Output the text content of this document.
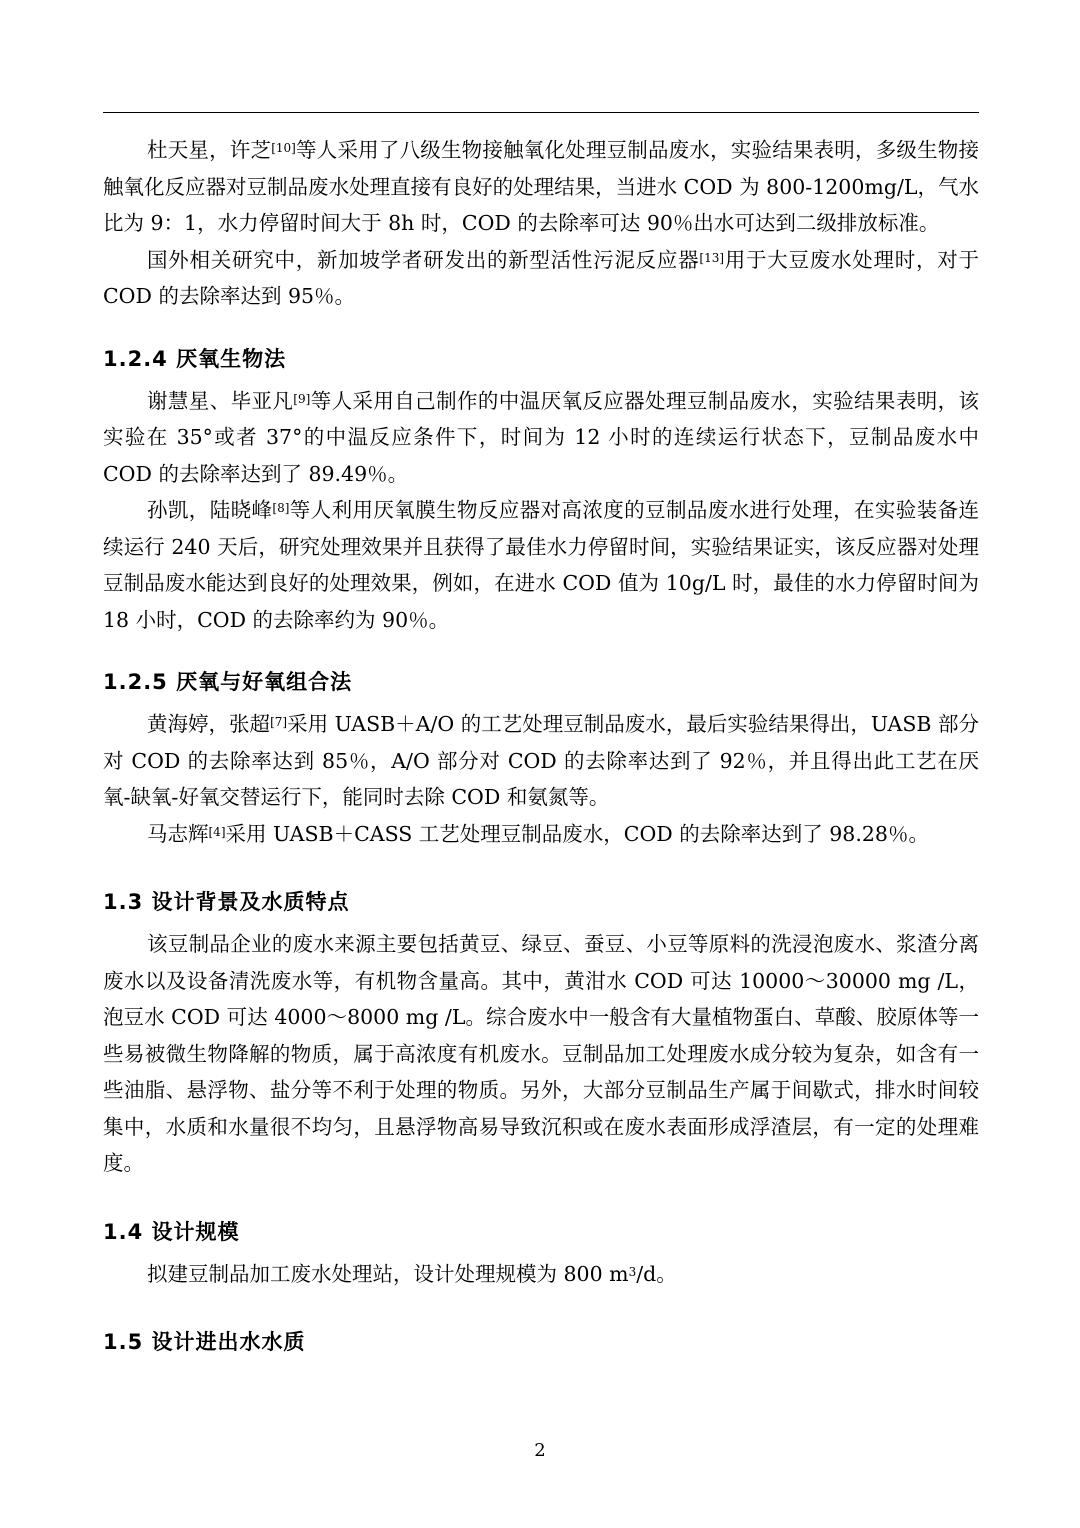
杜天星，许芝[10]等人采用了八级生物接触氧化处理豆制品废水，实验结果表明，多级生物接触氧化反应器对豆制品废水处理直接有良好的处理结果，当进水 COD 为 800-1200mg/L，气水比为 9：1，水力停留时间大于 8h 时，COD 的去除率可达 90％出水可达到二级排放标准。

国外相关研究中，新加坡学者研发出的新型活性污泥反应器[13]用于大豆废水处理时，对于 COD 的去除率达到 95％。

1.2.4 厌氧生物法

谢慧星、毕亚凡[9]等人采用自己制作的中温厌氧反应器处理豆制品废水，实验结果表明，该实验在 35°或者 37°的中温反应条件下，时间为 12 小时的连续运行状态下，豆制品废水中 COD 的去除率达到了 89.49％。

孙凯，陆晓峰[8]等人利用厌氧膜生物反应器对高浓度的豆制品废水进行处理，在实验装备连续运行 240 天后，研究处理效果并且获得了最佳水力停留时间，实验结果证实，该反应器对处理豆制品废水能达到良好的处理效果，例如，在进水 COD 值为 10g/L 时，最佳的水力停留时间为 18 小时，COD 的去除率约为 90％。

1.2.5 厌氧与好氧组合法

黄海婷，张超[7]采用 UASB＋A/O 的工艺处理豆制品废水，最后实验结果得出，UASB 部分对 COD 的去除率达到 85％，A/O 部分对 COD 的去除率达到了 92％，并且得出此工艺在厌氧-缺氧-好氧交替运行下，能同时去除 COD 和氨氮等。

马志辉[4]采用 UASB＋CASS 工艺处理豆制品废水，COD 的去除率达到了 98.28％。

1.3 设计背景及水质特点

该豆制品企业的废水来源主要包括黄豆、绿豆、蚕豆、小豆等原料的洗浸泡废水、浆渣分离废水以及设备清洗废水等，有机物含量高。其中，黄泔水 COD 可达 10000～30000 mg /L，泡豆水 COD 可达 4000～8000 mg /L。综合废水中一般含有大量植物蛋白、草酸、胶原体等一些易被微生物降解的物质，属于高浓度有机废水。豆制品加工处理废水成分较为复杂，如含有一些油脂、悬浮物、盐分等不利于处理的物质。另外，大部分豆制品生产属于间歇式，排水时间较集中，水质和水量很不均匀，且悬浮物高易导致沉积或在废水表面形成浮渣层，有一定的处理难度。

1.4 设计规模

拟建豆制品加工废水处理站，设计处理规模为 800 $m^3/d$。

1.5 设计进出水水质
2
